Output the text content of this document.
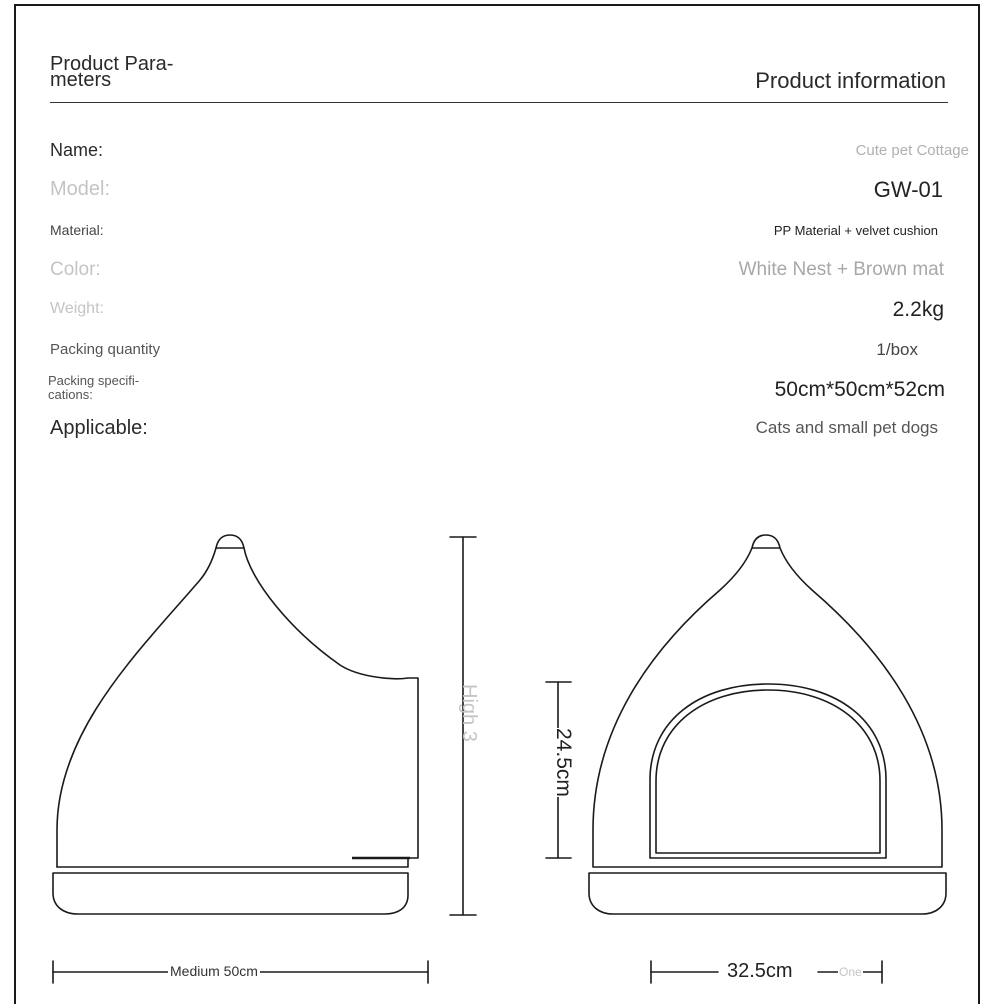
Product Para-
meters	Product information
Name:	Cute pet Cottage
Model:	GW-01
Material:	PP Material + velvet cushion
Color:	White Nest + Brown mat
Weight:	2.2kg
Packing quantity	1/box
Packing specifi-
cations:	50cm*50cm*52cm
Applicable:	Cats and small pet dogs
Medium 50cm
High 3
24.5cm
32.5cm	One
